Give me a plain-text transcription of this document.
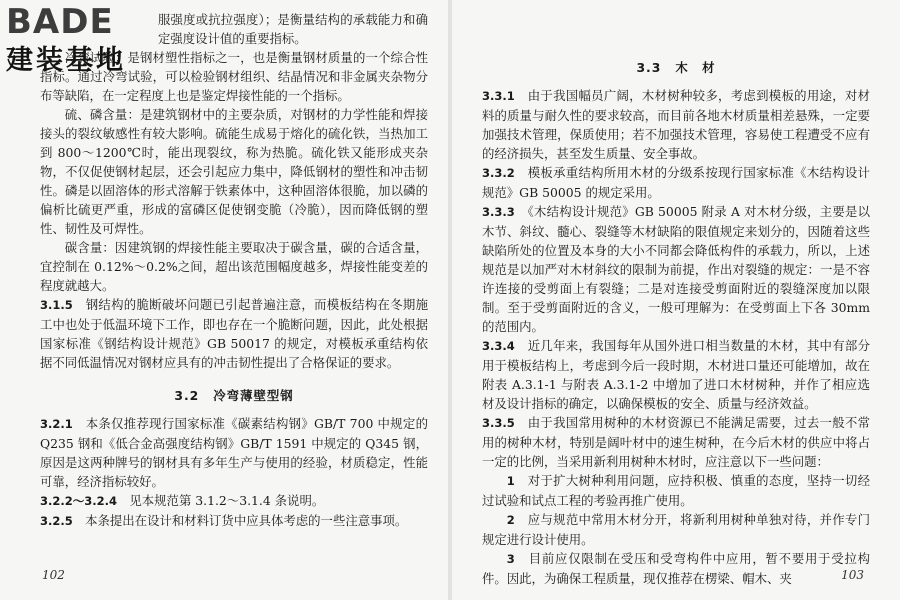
BADE
建装基地

服强度或抗拉强度）；是衡量结构的承载能力和确定强度设计值的重要指标。

冷弯试验：是钢材塑性指标之一，也是衡量钢材质量的一个综合性指标。通过冷弯试验，可以检验钢材组织、结晶情况和非金属夹杂物分布等缺陷，在一定程度上也是鉴定焊接性能的一个指标。

硫、磷含量：是建筑钢材中的主要杂质，对钢材的力学性能和焊接接头的裂纹敏感性有较大影响。硫能生成易于熔化的硫化铁，当热加工到 800～1200℃时，能出现裂纹，称为热脆。硫化铁又能形成夹杂物，不仅促使钢材起层，还会引起应力集中，降低钢材的塑性和冲击韧性。磷是以固溶体的形式溶解于铁素体中，这种固溶体很脆，加以磷的偏析比硫更严重，形成的富磷区促使钢变脆（冷脆），因而降低钢的塑性、韧性及可焊性。

碳含量：因建筑钢的焊接性能主要取决于碳含量，碳的合适含量，宜控制在 0.12%～0.2%之间，超出该范围幅度越多，焊接性能变差的程度就越大。

3.1.5　 钢结构的脆断破坏问题已引起普遍注意，而模板结构在冬期施工中也处于低温环境下工作，即也存在一个脆断问题，因此，此处根据国家标准《钢结构设计规范》GB 50017 的规定，对模板承重结构依据不同低温情况对钢材应具有的冲击韧性提出了合格保证的要求。

3.2 冷弯薄壁型钢

3.2.1　 本条仅推荐现行国家标准《碳素结构钢》GB/T 700 中规定的 Q235 钢和《低合金高强度结构钢》GB/T 1591 中规定的 Q345 钢，原因是这两种牌号的钢材具有多年生产与使用的经验，材质稳定，性能可靠，经济指标较好。

3.2.2～3.2.4　 见本规范第 3.1.2～3.1.4 条说明。

3.2.5　 本条提出在设计和材料订货中应具体考虑的一些注意事项。

102
3.3 木　材

3.3.1　 由于我国幅员广阔，木材树种较多，考虑到模板的用途，对材料的质量与耐久性的要求较高，而目前各地木材质量相差悬殊，一定要加强技术管理，保质使用；若不加强技术管理，容易使工程遭受不应有的经济损失，甚至发生质量、安全事故。

3.3.2　 模板承重结构所用木材的分级系按现行国家标准《木结构设计规范》GB 50005 的规定采用。

3.3.3　 《木结构设计规范》GB 50005 附录 A 对木材分级，主要是以木节、斜纹、髓心、裂缝等木材缺陷的限值规定来划分的，因随着这些缺陷所处的位置及本身的大小不同都会降低构件的承载力，所以，上述规范是以加严对木材斜纹的限制为前提，作出对裂缝的规定：一是不容许连接的受剪面上有裂缝；二是对连接受剪面附近的裂缝深度加以限制。至于受剪面附近的含义，一般可理解为：在受剪面上下各 30mm 的范围内。

3.3.4　 近几年来，我国每年从国外进口相当数量的木材，其中有部分用于模板结构上，考虑到今后一段时期，木材进口量还可能增加，故在附表 A.3.1-1 与附表 A.3.1-2 中增加了进口木材树种，并作了相应选材及设计指标的确定，以确保模板的安全、质量与经济效益。

3.3.5　 由于我国常用树种的木材资源已不能满足需要，过去一般不常用的树种木材，特别是阔叶材中的速生树种，在今后木材的供应中将占一定的比例，当采用新利用树种木材时，应注意以下一些问题：

1　 对于扩大树种利用问题，应持积极、慎重的态度，坚持一切经过试验和试点工程的考验再推广使用。

2　 应与规范中常用木材分开，将新利用树种单独对待，并作专门规定进行设计使用。

3　 目前应仅限制在受压和受弯构件中应用，暂不要用于受拉构件。因此，为确保工程质量，现仅推荐在楞梁、帽木、夹	103
